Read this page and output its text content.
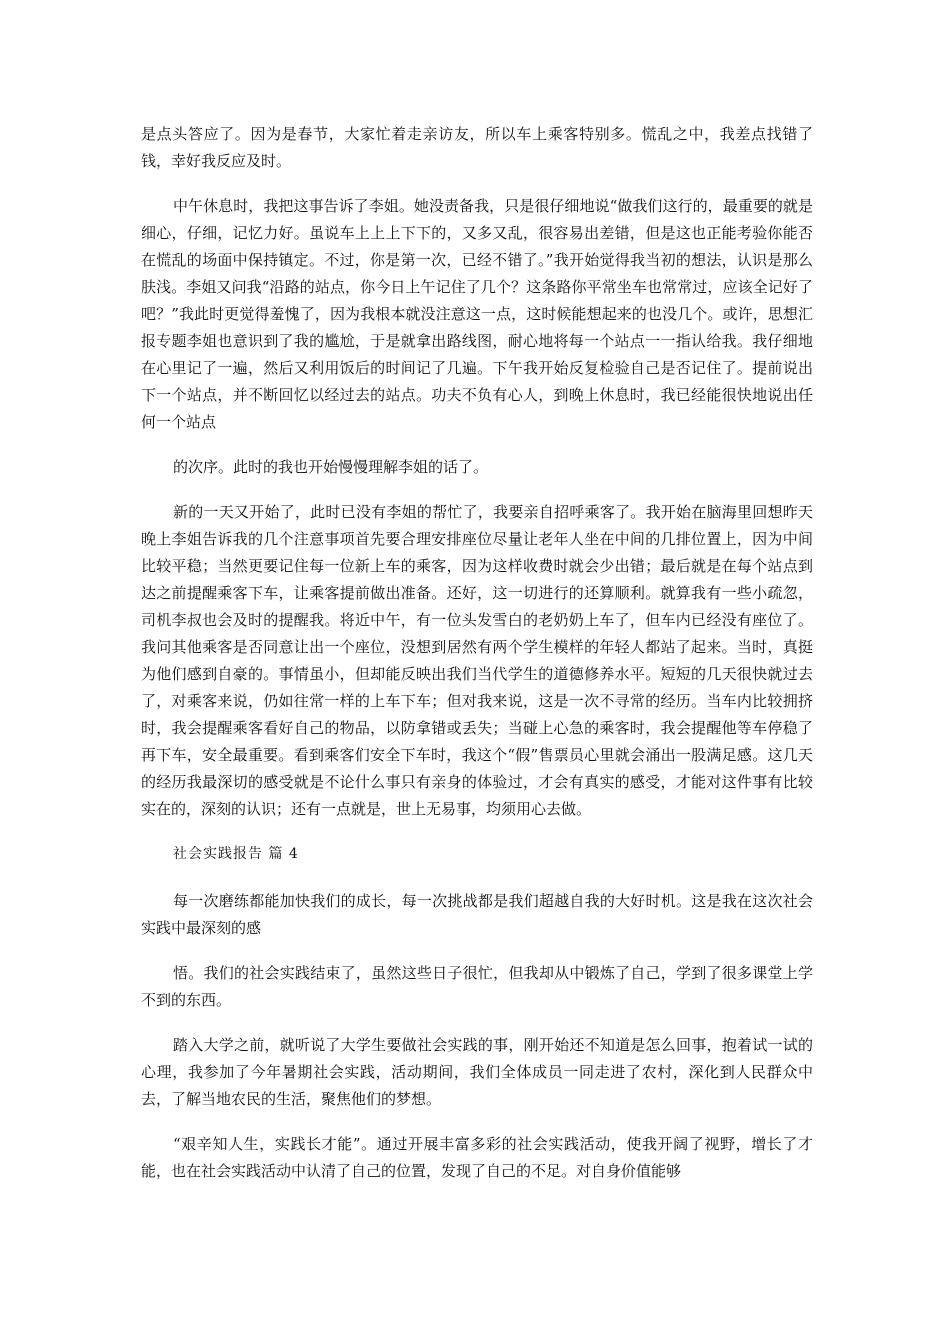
是点头答应了。因为是春节，大家忙着走亲访友，所以车上乘客特别多。慌乱之中，我差点找错了钱，幸好我反应及时。

中午休息时，我把这事告诉了李姐。她没责备我，只是很仔细地说“做我们这行的，最重要的就是细心，仔细，记忆力好。虽说车上上上下下的，又多又乱，很容易出差错，但是这也正能考验你能否在慌乱的场面中保持镇定。不过，你是第一次，已经不错了。”我开始觉得我当初的想法，认识是那么肤浅。李姐又问我“沿路的站点，你今日上午记住了几个？这条路你平常坐车也常常过，应该全记好了吧？”我此时更觉得羞愧了，因为我根本就没注意这一点，这时候能想起来的也没几个。或许，思想汇报专题李姐也意识到了我的尴尬，于是就拿出路线图，耐心地将每一个站点一一指认给我。我仔细地在心里记了一遍，然后又利用饭后的时间记了几遍。下午我开始反复检验自己是否记住了。提前说出下一个站点，并不断回忆以经过去的站点。功夫不负有心人，到晚上休息时，我已经能很快地说出任何一个站点

的次序。此时的我也开始慢慢理解李姐的话了。

新的一天又开始了，此时已没有李姐的帮忙了，我要亲自招呼乘客了。我开始在脑海里回想昨天晚上李姐告诉我的几个注意事项首先要合理安排座位尽量让老年人坐在中间的几排位置上，因为中间比较平稳；当然更要记住每一位新上车的乘客，因为这样收费时就会少出错；最后就是在每个站点到达之前提醒乘客下车，让乘客提前做出准备。还好，这一切进行的还算顺利。就算我有一些小疏忽，司机李叔也会及时的提醒我。将近中午，有一位头发雪白的老奶奶上车了，但车内已经没有座位了。我问其他乘客是否同意让出一个座位，没想到居然有两个学生模样的年轻人都站了起来。当时，真挺为他们感到自豪的。事情虽小，但却能反映出我们当代学生的道德修养水平。短短的几天很快就过去了，对乘客来说，仍如往常一样的上车下车；但对我来说，这是一次不寻常的经历。当车内比较拥挤时，我会提醒乘客看好自己的物品，以防拿错或丢失；当碰上心急的乘客时，我会提醒他等车停稳了再下车，安全最重要。看到乘客们安全下车时，我这个“假”售票员心里就会涌出一股满足感。这几天的经历我最深切的感受就是不论什么事只有亲身的体验过，才会有真实的感受，才能对这件事有比较实在的，深刻的认识；还有一点就是，世上无易事，均须用心去做。

社会实践报告 篇 4

每一次磨练都能加快我们的成长，每一次挑战都是我们超越自我的大好时机。这是我在这次社会实践中最深刻的感

悟。我们的社会实践结束了，虽然这些日子很忙，但我却从中锻炼了自己，学到了很多课堂上学不到的东西。

踏入大学之前，就听说了大学生要做社会实践的事，刚开始还不知道是怎么回事，抱着试一试的心理，我参加了今年暑期社会实践，活动期间，我们全体成员一同走进了农村，深化到人民群众中去，了解当地农民的生活，聚焦他们的梦想。

“艰辛知人生，实践长才能”。通过开展丰富多彩的社会实践活动，使我开阔了视野，增长了才能，也在社会实践活动中认清了自己的位置，发现了自己的不足。对自身价值能够
